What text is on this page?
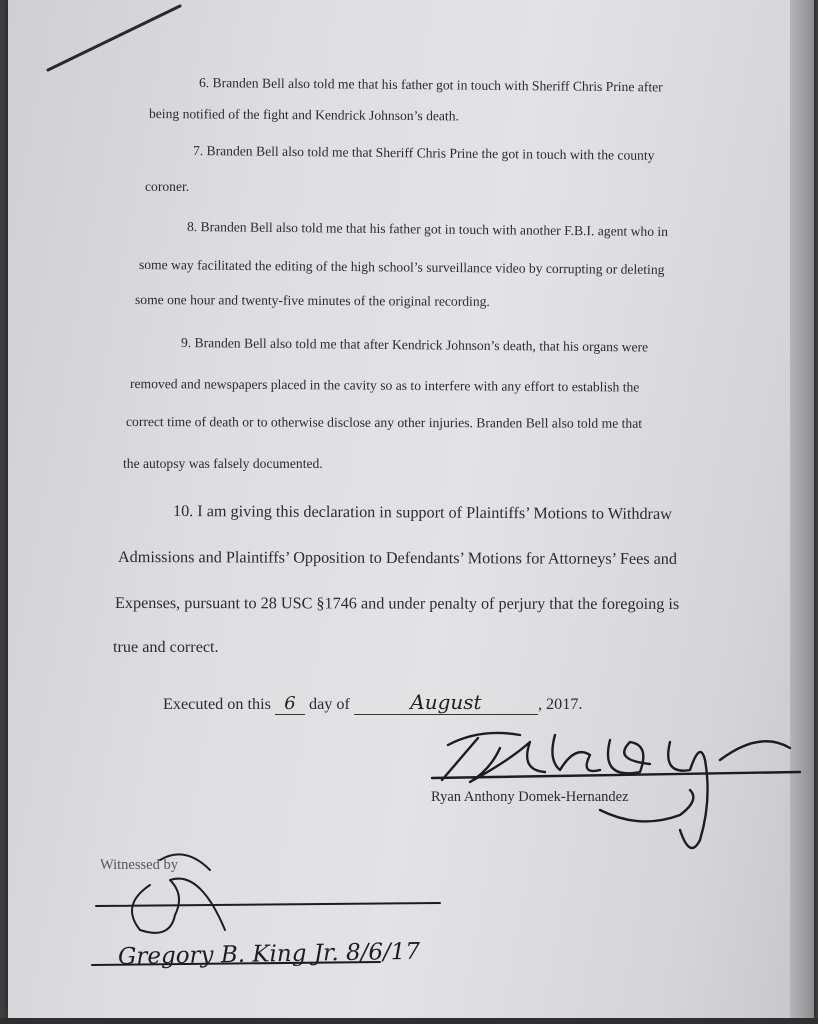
6. Branden Bell also told me that his father got in touch with Sheriff Chris Prine after
being notified of the fight and Kendrick Johnson’s death.
7. Branden Bell also told me that Sheriff Chris Prine the got in touch with the county
coroner.
8. Branden Bell also told me that his father got in touch with another F.B.I. agent who in
some way facilitated the editing of the high school’s surveillance video by corrupting or deleting
some one hour and twenty-five minutes of the original recording.
9. Branden Bell also told me that after Kendrick Johnson’s death, that his organs were
removed and newspapers placed in the cavity so as to interfere with any effort to establish the
correct time of death or to otherwise disclose any other injuries. Branden Bell also told me that
the autopsy was falsely documented.
10. I am giving this declaration in support of Plaintiffs’ Motions to Withdraw
Admissions and Plaintiffs’ Opposition to Defendants’ Motions for Attorneys’ Fees and
Expenses, pursuant to 28 USC §1746 and under penalty of perjury that the foregoing is
true and correct.
Executed on this 6 day of	August	, 2017.
Ryan Anthony Domek-Hernandez
Witnessed by
Gregory B. King Jr. 8/6/17
